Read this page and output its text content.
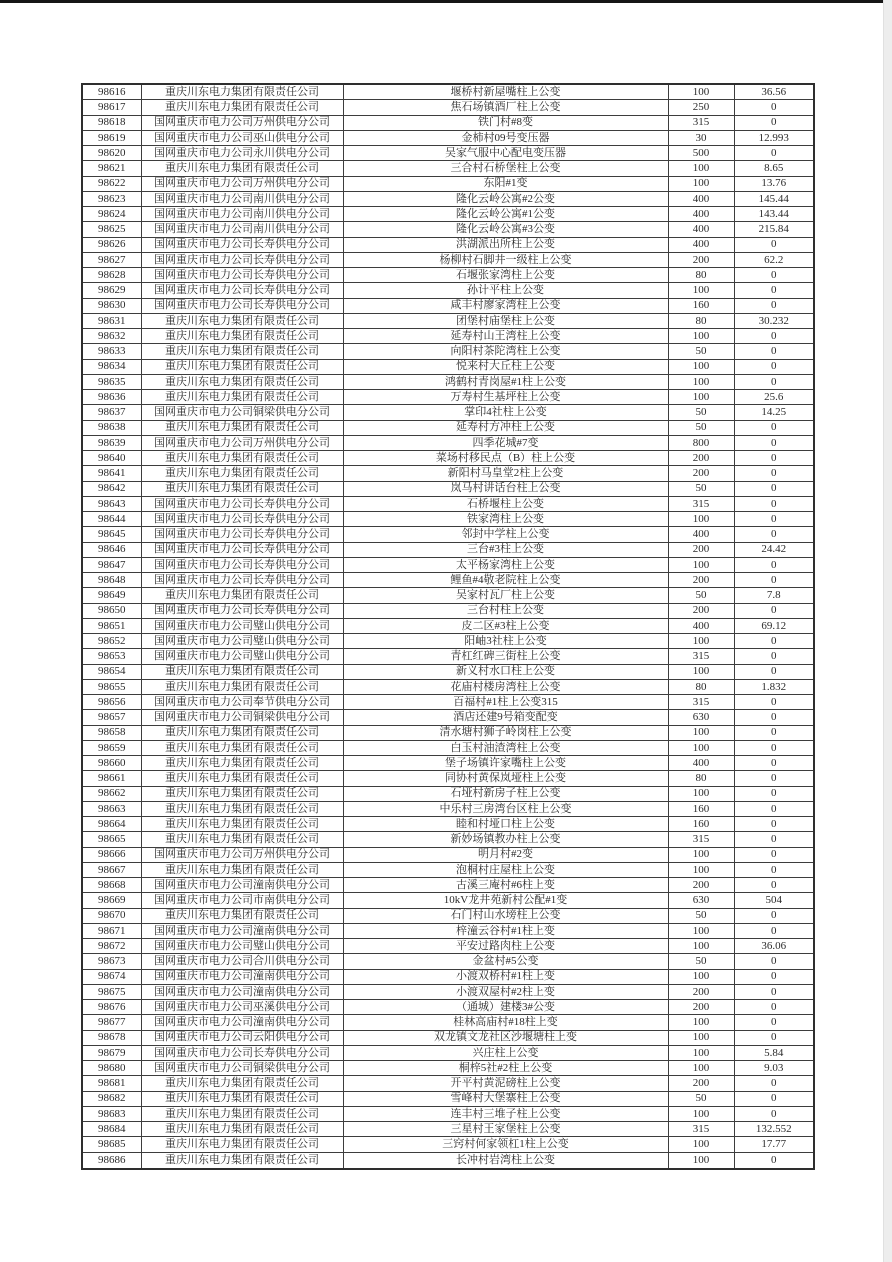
98616	重庆川东电力集团有限责任公司	堰桥村新屋嘴柱上公变	100	36.56
98617	重庆川东电力集团有限责任公司	焦石场镇酒厂柱上公变	250	0
98618	国网重庆市电力公司万州供电分公司	铁门村#8变	315	0
98619	国网重庆市电力公司巫山供电分公司	金柿村09号变压器	30	12.993
98620	国网重庆市电力公司永川供电分公司	吴家气服中心配电变压器	500	0
98621	重庆川东电力集团有限责任公司	三合村石桥堡柱上公变	100	8.65
98622	国网重庆市电力公司万州供电分公司	东阳#1变	100	13.76
98623	国网重庆市电力公司南川供电分公司	隆化云岭公寓#2公变	400	145.44
98624	国网重庆市电力公司南川供电分公司	隆化云岭公寓#1公变	400	143.44
98625	国网重庆市电力公司南川供电分公司	隆化云岭公寓#3公变	400	215.84
98626	国网重庆市电力公司长寿供电分公司	洪湖派出所柱上公变	400	0
98627	国网重庆市电力公司长寿供电分公司	杨柳村石脚井一级柱上公变	200	62.2
98628	国网重庆市电力公司长寿供电分公司	石堰张家湾柱上公变	80	0
98629	国网重庆市电力公司长寿供电分公司	孙计平柱上公变	100	0
98630	国网重庆市电力公司长寿供电分公司	咸丰村廖家湾柱上公变	160	0
98631	重庆川东电力集团有限责任公司	团堡村庙堡柱上公变	80	30.232
98632	重庆川东电力集团有限责任公司	延寿村山王湾柱上公变	100	0
98633	重庆川东电力集团有限责任公司	向阳村茶陀湾柱上公变	50	0
98634	重庆川东电力集团有限责任公司	悦来村大丘柱上公变	100	0
98635	重庆川东电力集团有限责任公司	鸿鹤村青岗屋#1柱上公变	100	0
98636	重庆川东电力集团有限责任公司	万寿村生基坪柱上公变	100	25.6
98637	国网重庆市电力公司铜梁供电分公司	掌印4社柱上公变	50	14.25
98638	重庆川东电力集团有限责任公司	延寿村方冲柱上公变	50	0
98639	国网重庆市电力公司万州供电分公司	四季花城#7变	800	0
98640	重庆川东电力集团有限责任公司	菜场村移民点（B）柱上公变	200	0
98641	重庆川东电力集团有限责任公司	新阳村马皇堂2柱上公变	200	0
98642	重庆川东电力集团有限责任公司	岚马村讲话台柱上公变	50	0
98643	国网重庆市电力公司长寿供电分公司	石桥堰柱上公变	315	0
98644	国网重庆市电力公司长寿供电分公司	铁家湾柱上公变	100	0
98645	国网重庆市电力公司长寿供电分公司	邻封中学柱上公变	400	0
98646	国网重庆市电力公司长寿供电分公司	三台#3柱上公变	200	24.42
98647	国网重庆市电力公司长寿供电分公司	太平杨家湾柱上公变	100	0
98648	国网重庆市电力公司长寿供电分公司	鲤鱼#4敬老院柱上公变	200	0
98649	重庆川东电力集团有限责任公司	吴家村瓦厂柱上公变	50	7.8
98650	国网重庆市电力公司长寿供电分公司	三台村柱上公变	200	0
98651	国网重庆市电力公司璧山供电分公司	皮二区#3柱上公变	400	69.12
98652	国网重庆市电力公司璧山供电分公司	阳岫3社柱上公变	100	0
98653	国网重庆市电力公司璧山供电分公司	青杠红碑三街柱上公变	315	0
98654	重庆川东电力集团有限责任公司	新义村水口柱上公变	100	0
98655	重庆川东电力集团有限责任公司	花庙村楼房湾柱上公变	80	1.832
98656	国网重庆市电力公司奉节供电分公司	百福村#1柱上公变315	315	0
98657	国网重庆市电力公司铜梁供电分公司	酒店还建9号箱变配变	630	0
98658	重庆川东电力集团有限责任公司	清水塘村狮子岭岗柱上公变	100	0
98659	重庆川东电力集团有限责任公司	白玉村油渣湾柱上公变	100	0
98660	重庆川东电力集团有限责任公司	堡子场镇许家嘴柱上公变	400	0
98661	重庆川东电力集团有限责任公司	同协村黄保岚垭柱上公变	80	0
98662	重庆川东电力集团有限责任公司	石垭村新房子柱上公变	100	0
98663	重庆川东电力集团有限责任公司	中乐村三房湾台区柱上公变	160	0
98664	重庆川东电力集团有限责任公司	睦和村垭口柱上公变	160	0
98665	重庆川东电力集团有限责任公司	新妙场镇教办柱上公变	315	0
98666	国网重庆市电力公司万州供电分公司	明月村#2变	100	0
98667	重庆川东电力集团有限责任公司	泡桐村庄屋柱上公变	100	0
98668	国网重庆市电力公司潼南供电分公司	古溪三庵村#6柱上变	200	0
98669	国网重庆市电力公司市南供电分公司	10kV龙井苑新村公配#1变	630	504
98670	重庆川东电力集团有限责任公司	石门村山水塝柱上公变	50	0
98671	国网重庆市电力公司潼南供电分公司	梓潼云谷村#1柱上变	100	0
98672	国网重庆市电力公司璧山供电分公司	平安过路肉柱上公变	100	36.06
98673	国网重庆市电力公司合川供电分公司	金盆村#5公变	50	0
98674	国网重庆市电力公司潼南供电分公司	小渡双桥村#1柱上变	100	0
98675	国网重庆市电力公司潼南供电分公司	小渡双屋村#2柱上变	200	0
98676	国网重庆市电力公司巫溪供电分公司	（通城）建楼3#公变	200	0
98677	国网重庆市电力公司潼南供电分公司	桂林高庙村#18柱上变	100	0
98678	国网重庆市电力公司云阳供电分公司	双龙镇文龙社区沙堰塘柱上变	100	0
98679	国网重庆市电力公司长寿供电分公司	兴庄柱上公变	100	5.84
98680	国网重庆市电力公司铜梁供电分公司	桐梓5社#2柱上公变	100	9.03
98681	重庆川东电力集团有限责任公司	开平村黄泥磅柱上公变	200	0
98682	重庆川东电力集团有限责任公司	雪峰村大堡寨柱上公变	50	0
98683	重庆川东电力集团有限责任公司	连丰村三堆子柱上公变	100	0
98684	重庆川东电力集团有限责任公司	三星村王家堡柱上公变	315	132.552
98685	重庆川东电力集团有限责任公司	三窍村何家领杠1柱上公变	100	17.77
98686	重庆川东电力集团有限责任公司	长冲村岩湾柱上公变	100	0
